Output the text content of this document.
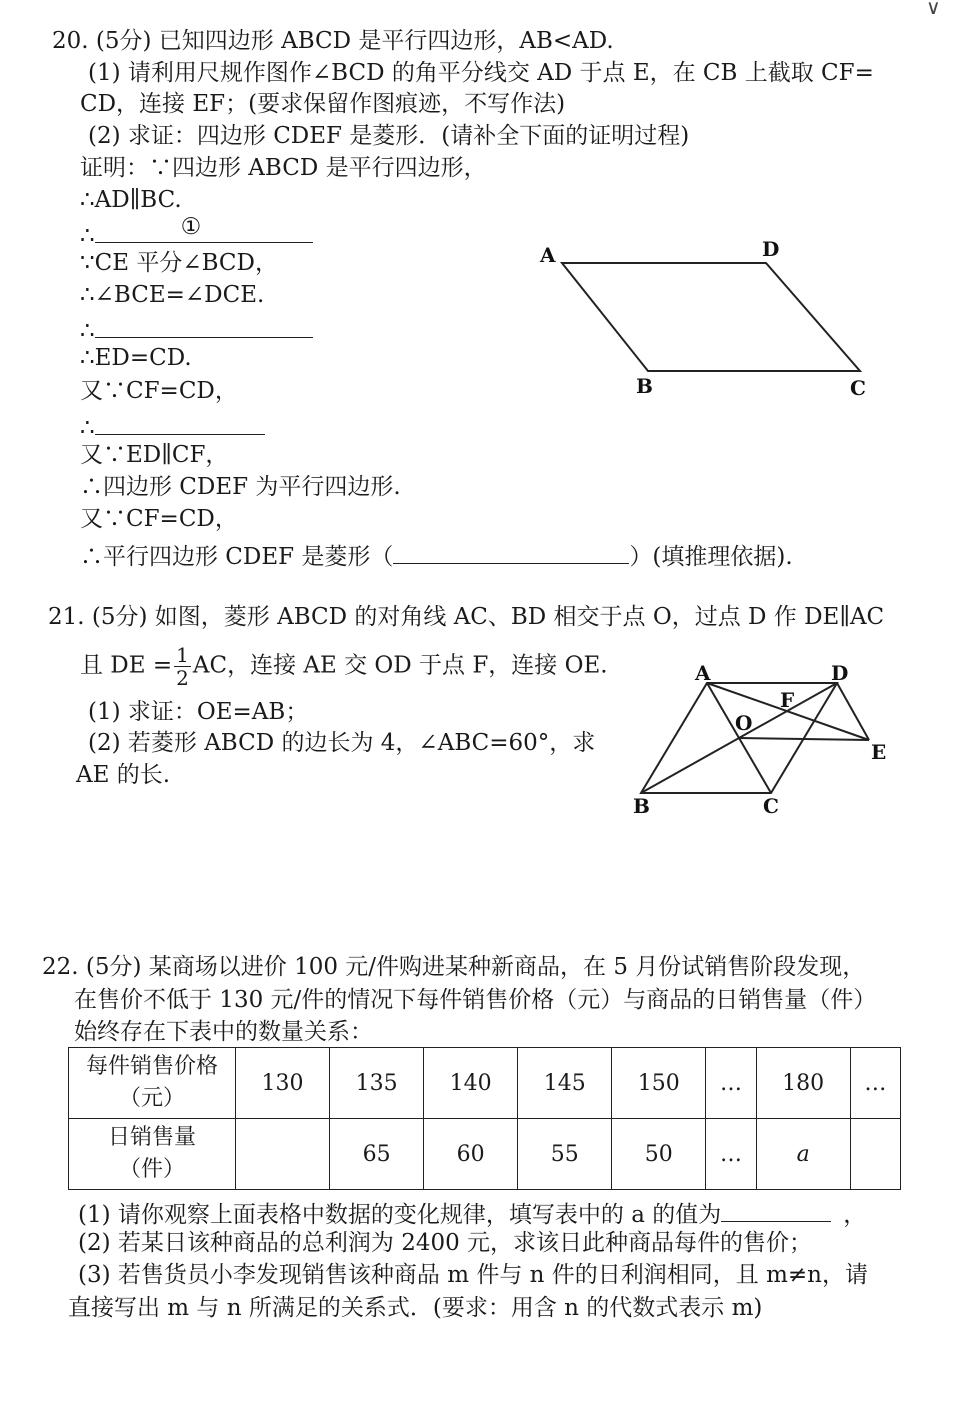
∨
20. (5分) 已知四边形 ABCD 是平行四边形，AB<AD.
(1) 请利用尺规作图作∠BCD 的角平分线交 AD 于点 E，在 CB 上截取 CF=
CD，连接 EF；(要求保留作图痕迹，不写作法)
(2) 求证：四边形 CDEF 是菱形．(请补全下面的证明过程)
证明：∵四边形 ABCD 是平行四边形，
∴AD∥BC.
∴	①
∵CE 平分∠BCD，
∴∠BCE=∠DCE.
∴
∴ED=CD.
又∵CF=CD，
∴
又∵ED∥CF，
∴四边形 CDEF 为平行四边形.
又∵CF=CD，
∴平行四边形 CDEF 是菱形（	）(填推理依据).
A	D
B	C
21. (5分) 如图，菱形 ABCD 的对角线 AC、BD 相交于点 O，过点 D 作 DE∥AC
且 DE = $\frac{1}{2}$ AC，连接 AE 交 OD 于点 F，连接 OE.
(1) 求证：OE=AB；
(2) 若菱形 ABCD 的边长为 4，∠ABC=60°，求
AE 的长.
A	D
F
O
E
B	C
22. (5分) 某商场以进价 100 元/件购进某种新商品，在 5 月份试销售阶段发现，
在售价不低于 130 元/件的情况下每件销售价格（元）与商品的日销售量（件）
始终存在下表中的数量关系：
每件销售价格
（元）	130	135	140	145	150	…	180	…

日销售量
（件）		65	60	55	50	…	a	
(1) 请你观察上面表格中数据的变化规律，填写表中的 a 的值为	，
(2) 若某日该种商品的总利润为 2400 元，求该日此种商品每件的售价；
(3) 若售货员小李发现销售该种商品 m 件与 n 件的日利润相同，且 m≠n，请
直接写出 m 与 n 所满足的关系式．(要求：用含 n 的代数式表示 m)
